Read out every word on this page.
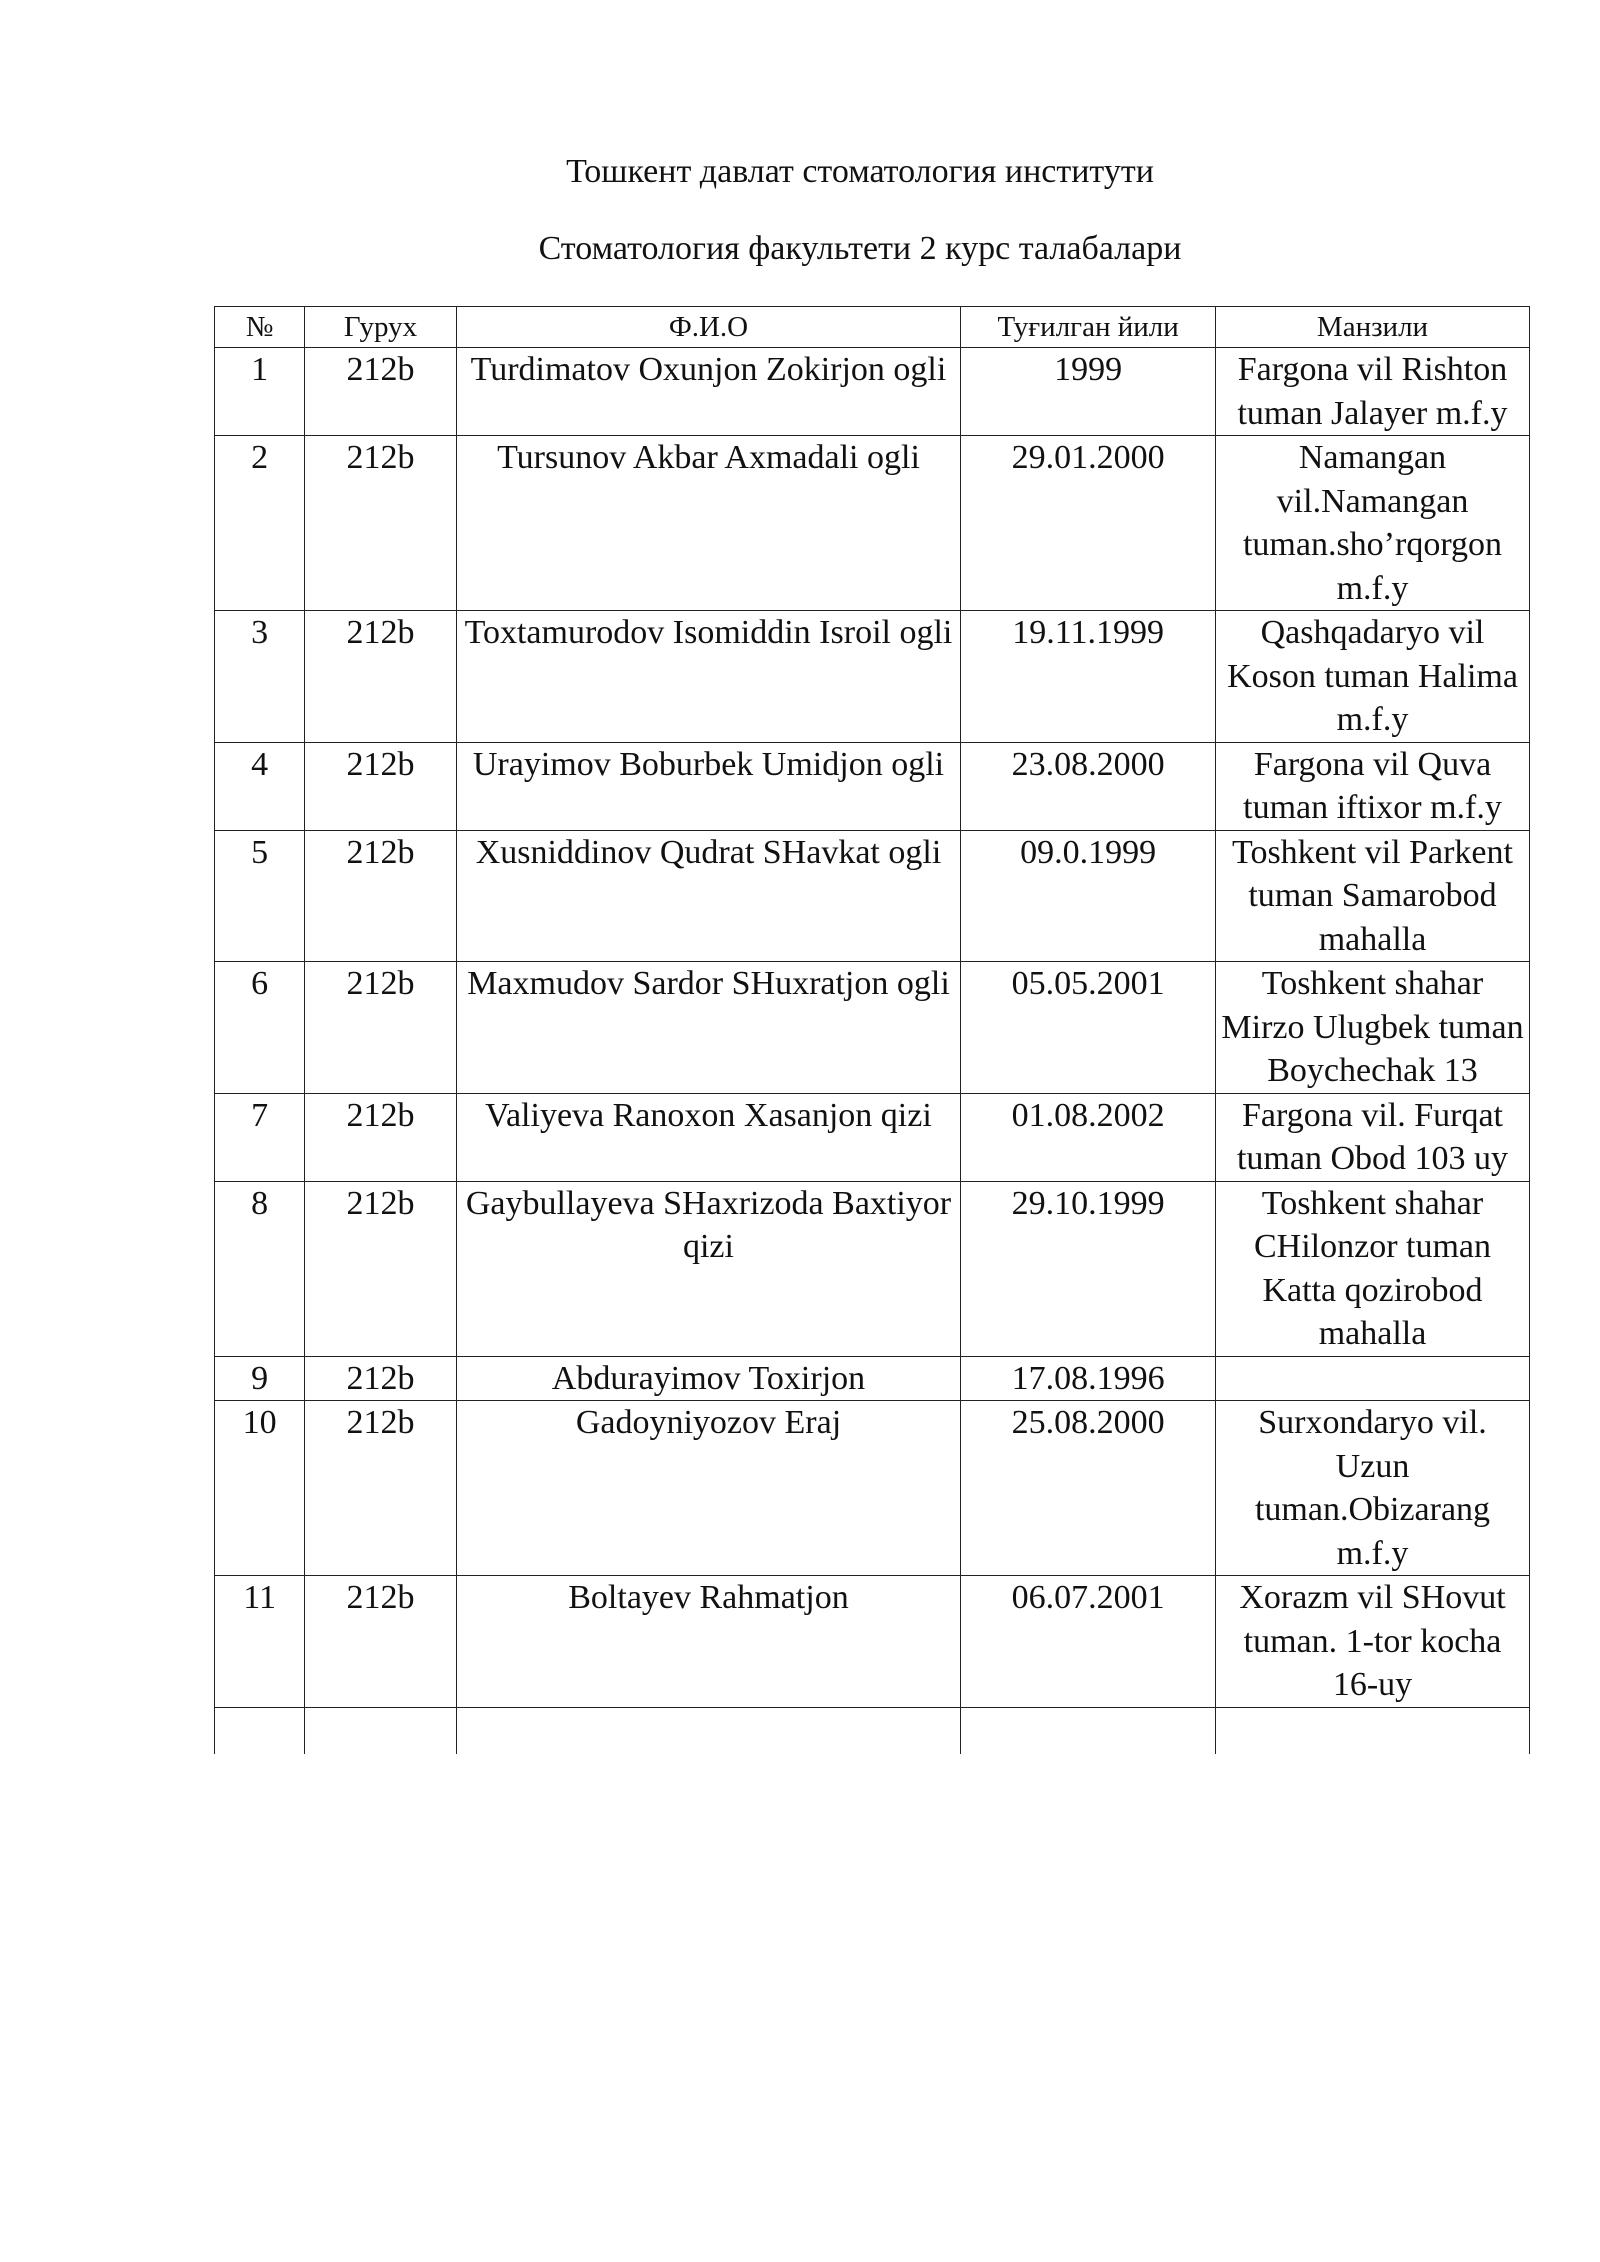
Тошкент давлат стоматология институти
Стоматология факультети 2 курс талабалари
№	Гурух	Ф.И.О	Туғилган йили	Манзили
1	212b	Turdimatov Oxunjon Zokirjon ogli	1999	Fargona vil Rishton tuman Jalayer m.f.y
2	212b	Tursunov Akbar Axmadali ogli	29.01.2000	Namangan vil.Namangan tuman.sho’rqorgon m.f.y
3	212b	Toxtamurodov Isomiddin Isroil ogli	19.11.1999	Qashqadaryo vil Koson tuman Halima m.f.y
4	212b	Urayimov Boburbek Umidjon ogli	23.08.2000	Fargona vil Quva tuman iftixor m.f.y
5	212b	Xusniddinov Qudrat SHavkat ogli	09.0.1999	Toshkent vil Parkent tuman Samarobod mahalla
6	212b	Maxmudov Sardor SHuxratjon ogli	05.05.2001	Toshkent shahar Mirzo Ulugbek tuman Boychechak 13
7	212b	Valiyeva Ranoxon Xasanjon qizi	01.08.2002	Fargona vil. Furqat tuman Obod 103 uy
8	212b	Gaybullayeva SHaxrizoda Baxtiyor qizi	29.10.1999	Toshkent shahar CHilonzor tuman Katta qozirobod mahalla
9	212b	Abdurayimov Toxirjon	17.08.1996	
10	212b	Gadoyniyozov Eraj	25.08.2000	Surxondaryo vil. Uzun tuman.Obizarang m.f.y
11	212b	Boltayev Rahmatjon	06.07.2001	Xorazm vil SHovut tuman. 1-tor kocha 16-uy
